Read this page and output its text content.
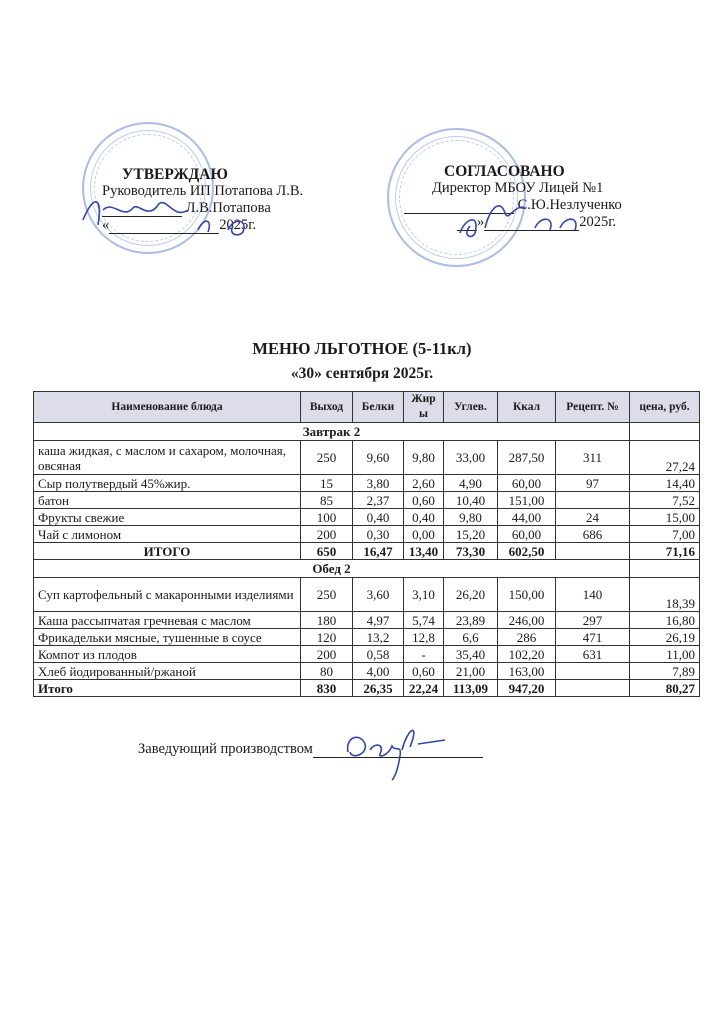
УТВЕРЖДАЮ
Руководитель ИП Потапова Л.В.
Л.В.Потапова
«	2025г.
СОГЛАСОВАНО
Директор МБОУ Лицей №1
С.Ю.Незлученко
»	2025г.
МЕНЮ ЛЬГОТНОЕ (5-11кл)
«30» сентября 2025г.
Наименование блюда	Выход	Белки	Жир ы	Углев.	Ккал	Рецепт. №	цена, руб.
Завтрак 2							
каша жидкая, с маслом и сахаром, молочная, овсяная	250	9,60	9,80	33,00	287,50	311	27,24
Сыр полутвердый 45%жир.	15	3,80	2,60	4,90	60,00	97	14,40
батон	85	2,37	0,60	10,40	151,00		7,52
Фрукты свежие	100	0,40	0,40	9,80	44,00	24	15,00
Чай с лимоном	200	0,30	0,00	15,20	60,00	686	7,00
ИТОГО	650	16,47	13,40	73,30	602,50		71,16
Обед 2							
Суп картофельный с макаронными изделиями	250	3,60	3,10	26,20	150,00	140	18,39
Каша рассыпчатая гречневая с маслом	180	4,97	5,74	23,89	246,00	297	16,80
Фрикадельки мясные, тушенные в соусе	120	13,2	12,8	6,6	286	471	26,19
Компот из плодов	200	0,58	-	35,40	102,20	631	11,00
Хлеб йодированный/ржаной	80	4,00	0,60	21,00	163,00		7,89
Итого	830	26,35	22,24	113,09	947,20		80,27
Заведующий производством
